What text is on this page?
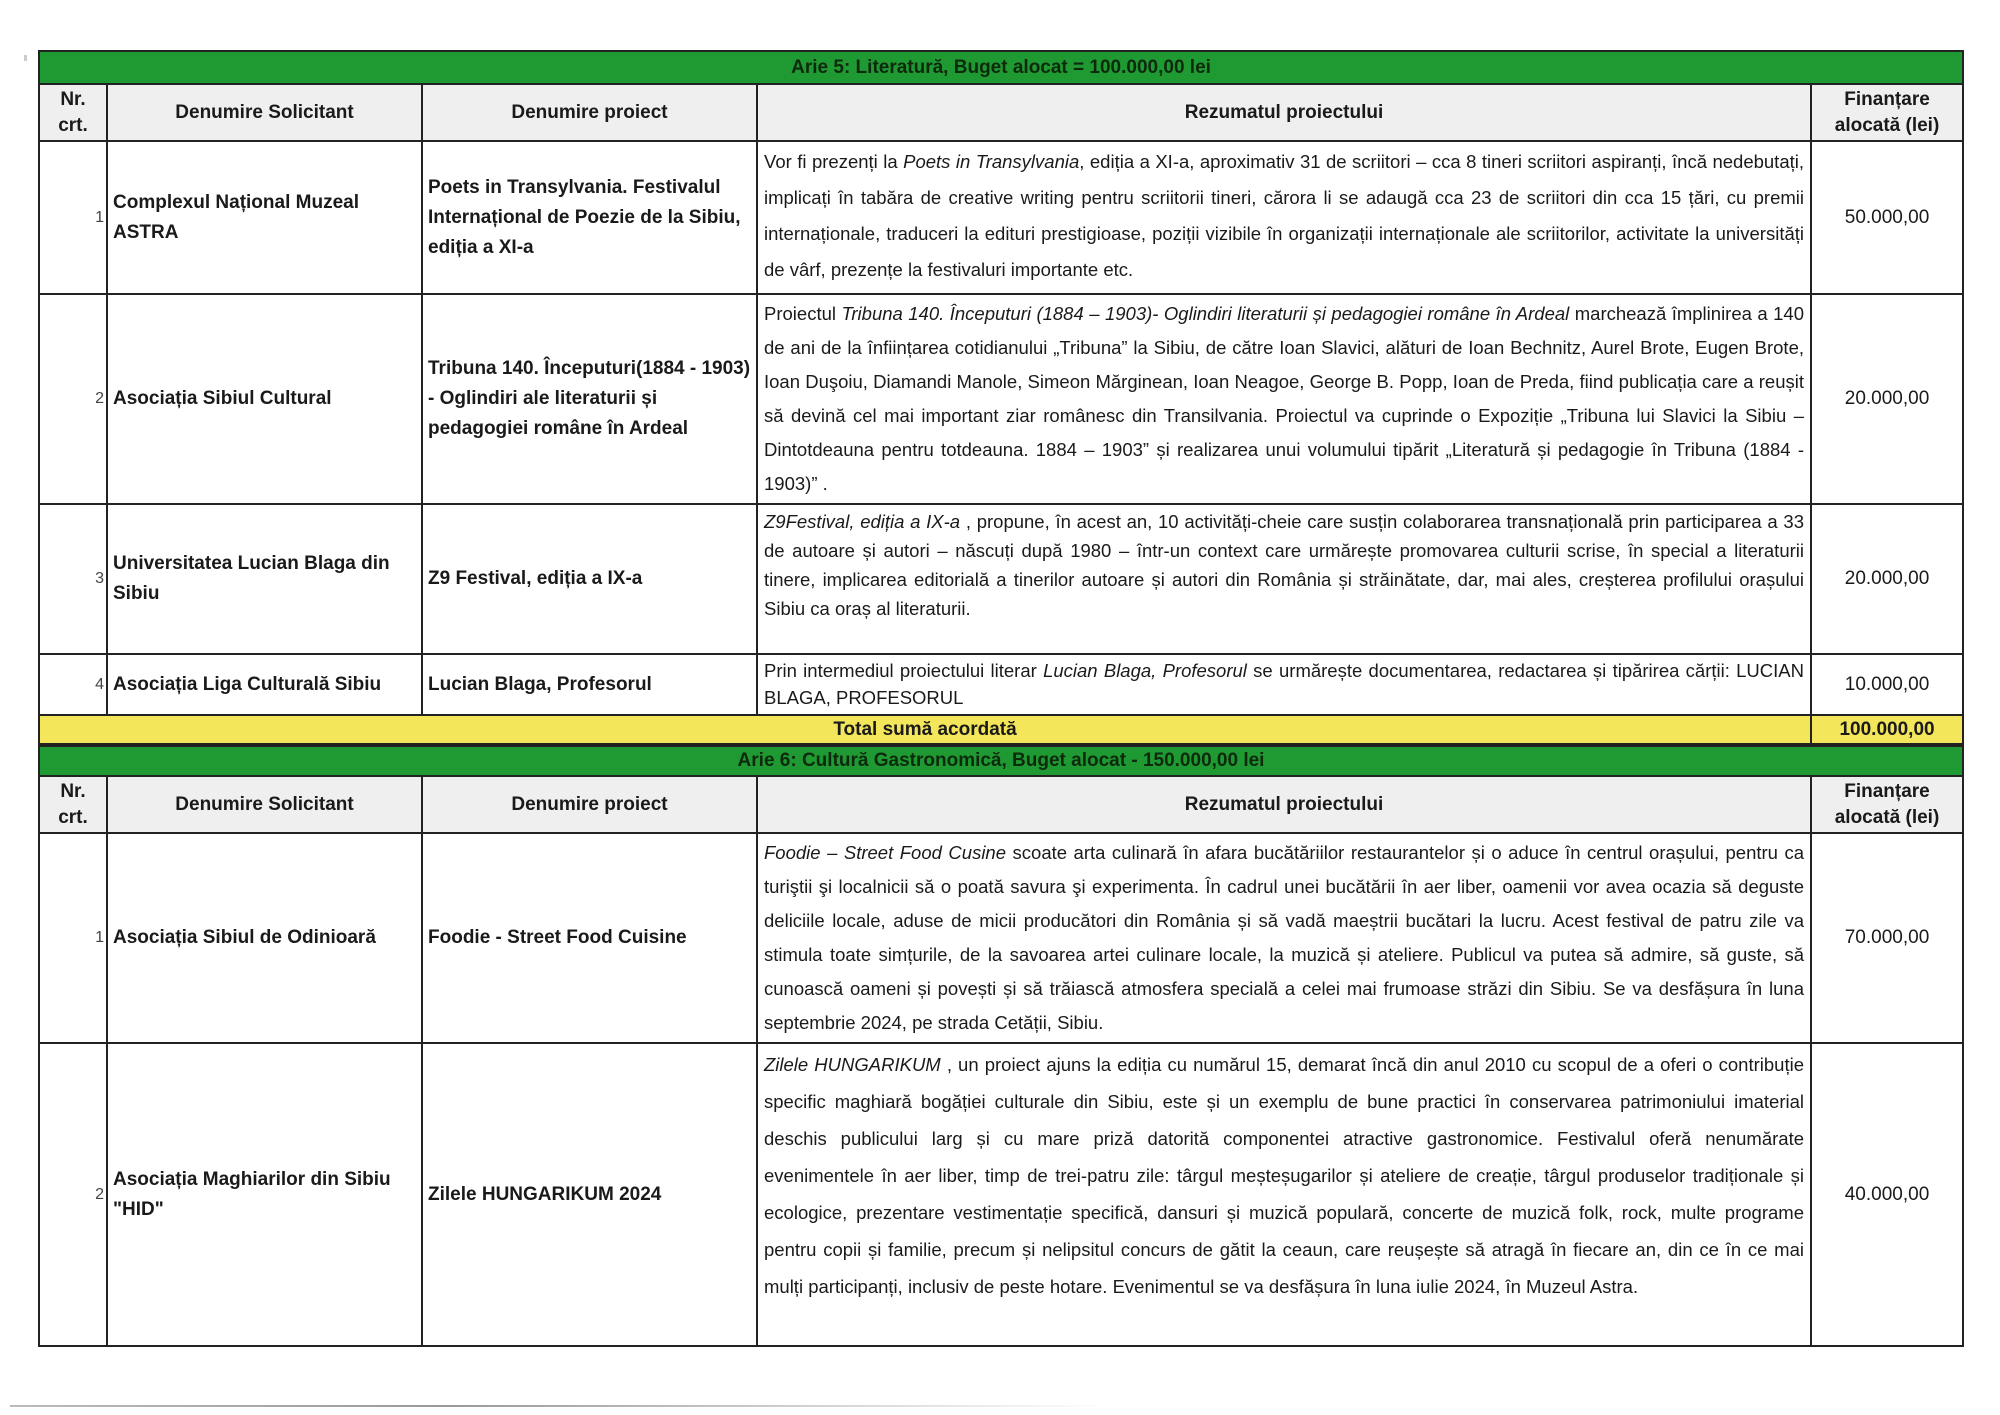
Arie 5: Literatură, Buget alocat = 100.000,00 lei				
Nr. crt.	Denumire Solicitant	Denumire proiect	Rezumatul proiectului	Finanțare alocată (lei)
1	Complexul Național Muzeal ASTRA	Poets in Transylvania. Festivalul Internațional de Poezie de la Sibiu, ediția a XI-a	Vor fi prezenți la Poets in Transylvania, ediția a XI-a, aproximativ 31 de scriitori – cca 8 tineri scriitori aspiranți, încă nedebutați, implicați în tabăra de creative writing pentru scriitorii tineri, cărora li se adaugă cca 23 de scriitori din cca 15 țări, cu premii internaționale, traduceri la edituri prestigioase, poziții vizibile în organizații internaționale ale scriitorilor, activitate la universități de vârf, prezențe la festivaluri importante etc.	50.000,00
2	Asociația Sibiul Cultural	Tribuna 140. Începuturi(1884 - 1903) - Oglindiri ale literaturii și pedagogiei române în Ardeal	Proiectul Tribuna 140. Începuturi (1884 – 1903)- Oglindiri literaturii și pedagogiei române în Ardeal marchează împlinirea a 140 de ani de la înființarea cotidianului „Tribuna” la Sibiu, de către Ioan Slavici, alături de Ioan Bechnitz, Aurel Brote, Eugen Brote, Ioan Duşoiu, Diamandi Manole, Simeon Mărginean, Ioan Neagoe, George B. Popp, Ioan de Preda, fiind publicația care a reușit să devină cel mai important ziar românesc din Transilvania. Proiectul va cuprinde o Expoziție „Tribuna lui Slavici la Sibiu – Dintotdeauna pentru totdeauna. 1884 – 1903” și realizarea unui volumului tipărit „Literatură și pedagogie în Tribuna (1884 - 1903)” .	20.000,00
3	Universitatea Lucian Blaga din Sibiu	Z9 Festival, ediția a IX-a	Z9Festival, ediția a IX-a , propune, în acest an, 10 activități-cheie care susțin colaborarea transnațională prin participarea a 33 de autoare și autori – născuți după 1980 – într-un context care urmărește promovarea culturii scrise, în special a literaturii tinere, implicarea editorială a tinerilor autoare și autori din România și străinătate, dar, mai ales, creșterea profilului orașului Sibiu ca oraș al literaturii.	20.000,00
4	Asociația Liga Culturală Sibiu	Lucian Blaga, Profesorul	Prin intermediul proiectului literar Lucian Blaga, Profesorul se urmărește documentarea, redactarea și tipărirea cărții: LUCIAN BLAGA, PROFESORUL	10.000,00
Total sumă acordată				100.000,00
Arie 6: Cultură Gastronomică, Buget alocat - 150.000,00 lei				
Nr. crt.	Denumire Solicitant	Denumire proiect	Rezumatul proiectului	Finanțare alocată (lei)
1	Asociația Sibiul de Odinioară	Foodie - Street Food Cuisine	Foodie – Street Food Cusine scoate arta culinară în afara bucătăriilor restaurantelor și o aduce în centrul orașului, pentru ca turiştii şi localnicii să o poată savura şi experimenta. În cadrul unei bucătării în aer liber, oamenii vor avea ocazia să deguste deliciile locale, aduse de micii producători din România și să vadă maeștrii bucătari la lucru. Acest festival de patru zile va stimula toate simțurile, de la savoarea artei culinare locale, la muzică și ateliere. Publicul va putea să admire, să guste, să cunoască oameni și povești și să trăiască atmosfera specială a celei mai frumoase străzi din Sibiu. Se va desfășura în luna septembrie 2024, pe strada Cetății, Sibiu.	70.000,00
2	Asociația Maghiarilor din Sibiu "HID"	Zilele HUNGARIKUM 2024	Zilele HUNGARIKUM , un proiect ajuns la ediția cu numărul 15, demarat încă din anul 2010 cu scopul de a oferi o contribuție specific maghiară bogăției culturale din Sibiu, este și un exemplu de bune practici în conservarea patrimoniului imaterial deschis publicului larg și cu mare priză datorită componentei atractive gastronomice. Festivalul oferă nenumărate evenimentele în aer liber, timp de trei-patru zile: târgul meșteșugarilor și ateliere de creație, târgul produselor tradiționale și ecologice, prezentare vestimentație specifică, dansuri și muzică populară, concerte de muzică folk, rock, multe programe pentru copii și familie, precum și nelipsitul concurs de gătit la ceaun, care reușește să atragă în fiecare an, din ce în ce mai mulți participanți, inclusiv de peste hotare. Evenimentul se va desfășura în luna iulie 2024, în Muzeul Astra.	40.000,00
